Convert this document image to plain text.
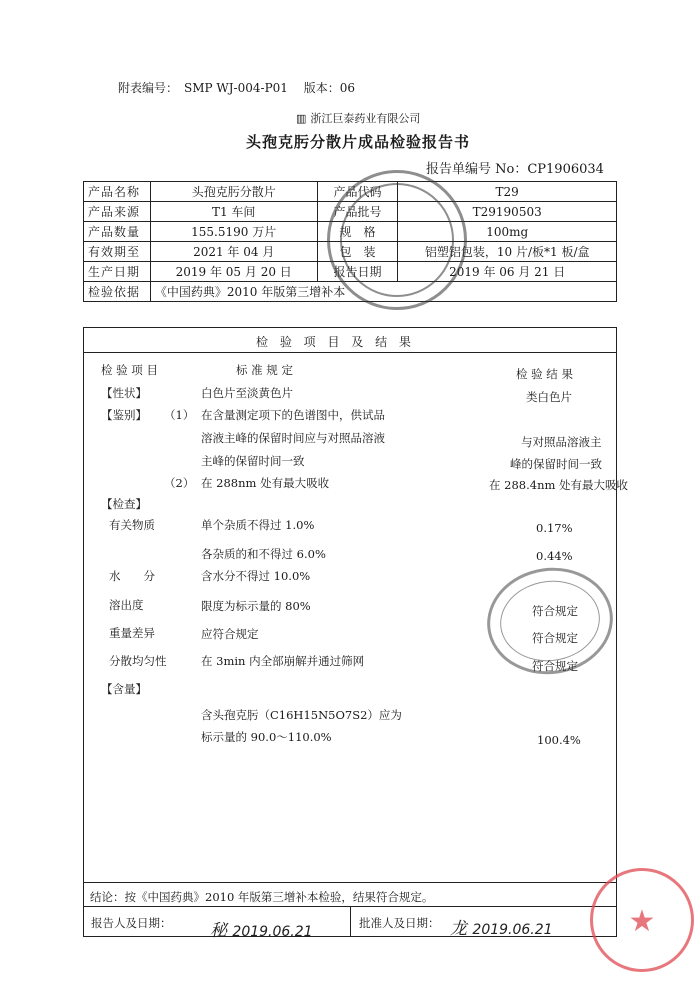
附表编号： SMP WJ-004-P01 版本：06
▥ 浙江巨泰药业有限公司
头孢克肟分散片成品检验报告书
报告单编号 No：CP1906034
产品名称	头孢克肟分散片	产品代码	T29
产品来源	T1 车间	产品批号	T29190503
产品数量	155.5190 万片	规　格	100mg
有效期至	2021 年 04 月	包　装	铝塑铝包装，10 片/板*1 板/盒
生产日期	2019 年 05 月 20 日	报告日期	2019 年 06 月 21 日
检验依据	《中国药典》2010 年版第三增补本		
检 验 项 目 及 结 果
检 验 项 目	标 准 规 定	检 验 结 果
【性状】	白色片至淡黄色片	类白色片
【鉴别】 （1） 在含量测定项下的色谱图中，供试品
溶液主峰的保留时间应与对照品溶液
主峰的保留时间一致
与对照品溶液主
峰的保留时间一致
（2） 在 288nm 处有最大吸收	在 288.4nm 处有最大吸收
【检查】
有关物质	单个杂质不得过 1.0%	0.17%
各杂质的和不得过 6.0%	0.44%
水　　分	含水分不得过 10.0%
溶出度	限度为标示量的 80%	符合规定
重量差异	应符合规定	符合规定
分散均匀性	在 3min 内全部崩解并通过筛网	符合规定
【含量】
含头孢克肟（C16H15N5O7S2）应为
标示量的 90.0～110.0%	100.4%
结论：按《中国药典》2010 年版第三增补本检验，结果符合规定。
报告人及日期： 秘 2019.06.21
批准人及日期： 龙 2019.06.21	★
